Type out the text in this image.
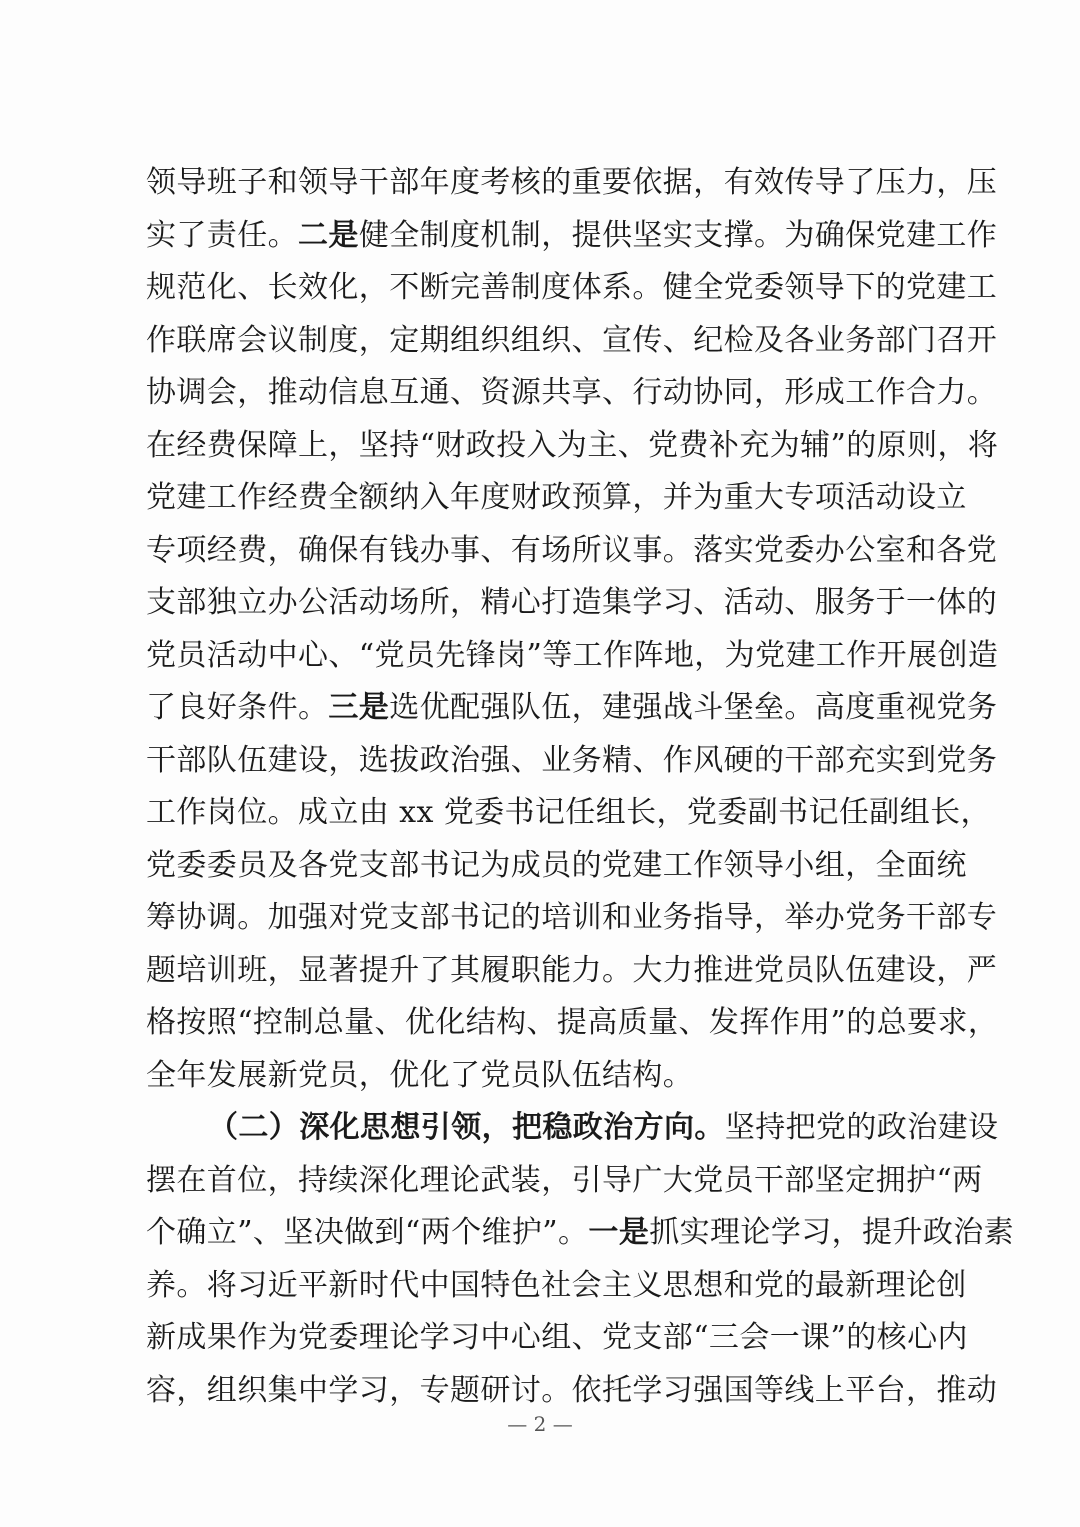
领导班子和领导干部年度考核的重要依据，有效传导了压力，压
实了责任。二是健全制度机制，提供坚实支撑。为确保党建工作
规范化、长效化，不断完善制度体系。健全党委领导下的党建工
作联席会议制度，定期组织组织、宣传、纪检及各业务部门召开
协调会，推动信息互通、资源共享、行动协同，形成工作合力。
在经费保障上，坚持“财政投入为主、党费补充为辅”的原则，将
党建工作经费全额纳入年度财政预算，并为重大专项活动设立
专项经费，确保有钱办事、有场所议事。落实党委办公室和各党
支部独立办公活动场所，精心打造集学习、活动、服务于一体的
党员活动中心、“党员先锋岗”等工作阵地，为党建工作开展创造
了良好条件。三是选优配强队伍，建强战斗堡垒。高度重视党务
干部队伍建设，选拔政治强、业务精、作风硬的干部充实到党务
工作岗位。成立由 xx 党委书记任组长，党委副书记任副组长，
党委委员及各党支部书记为成员的党建工作领导小组，全面统
筹协调。加强对党支部书记的培训和业务指导，举办党务干部专
题培训班，显著提升了其履职能力。大力推进党员队伍建设，严
格按照“控制总量、优化结构、提高质量、发挥作用”的总要求，
全年发展新党员，优化了党员队伍结构。
（二）深化思想引领，把稳政治方向。坚持把党的政治建设
摆在首位，持续深化理论武装，引导广大党员干部坚定拥护“两
个确立”、坚决做到“两个维护”。一是抓实理论学习，提升政治素
养。将习近平新时代中国特色社会主义思想和党的最新理论创
新成果作为党委理论学习中心组、党支部“三会一课”的核心内
容，组织集中学习，专题研讨。依托学习强国等线上平台，推动
— 2 —
